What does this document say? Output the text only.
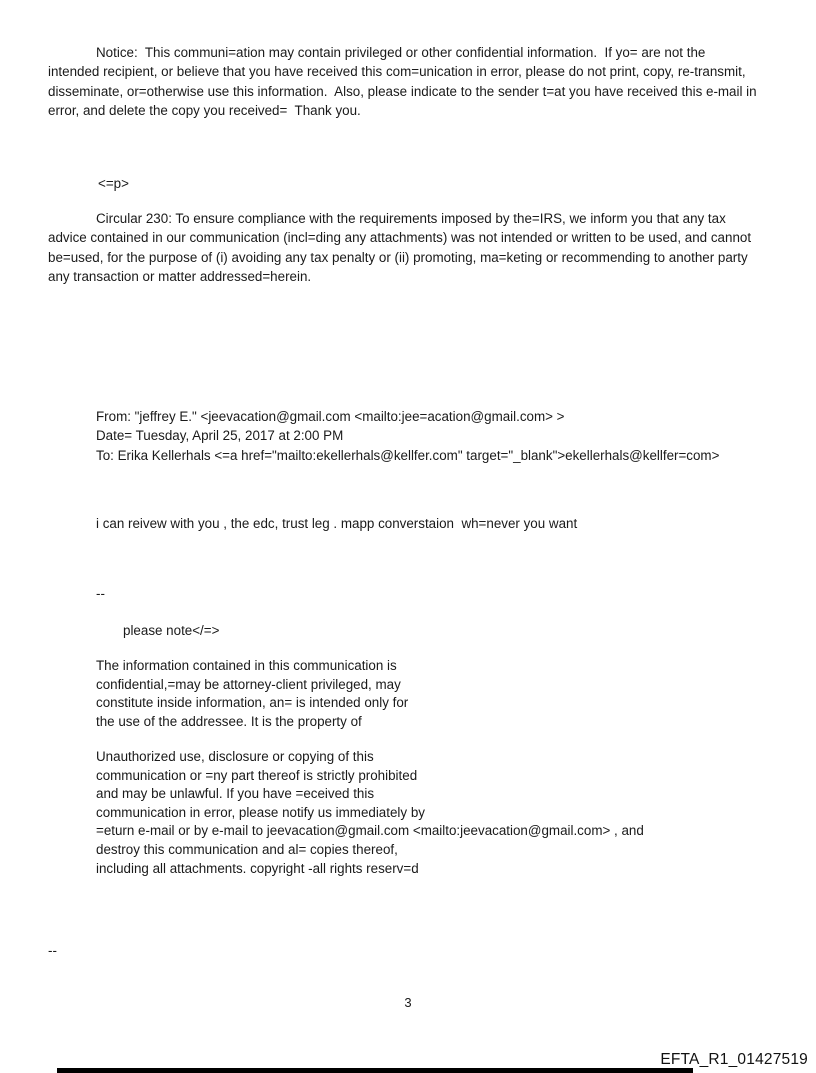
Notice:  This communi=ation may contain privileged or other confidential information.  If yo= are not the
intended recipient, or believe that you have received this com=unication in error, please do not print, copy, re-transmit,
disseminate, or=otherwise use this information.  Also, please indicate to the sender t=at you have received this e-mail in
error, and delete the copy you received=  Thank you.
<=p>
Circular 230: To ensure compliance with the requirements imposed by the=IRS, we inform you that any tax
advice contained in our communication (incl=ding any attachments) was not intended or written to be used, and cannot
be=used, for the purpose of (i) avoiding any tax penalty or (ii) promoting, ma=keting or recommending to another party
any transaction or matter addressed=herein.
From: "jeffrey E." <jeevacation@gmail.com <mailto:jee=acation@gmail.com> >
Date= Tuesday, April 25, 2017 at 2:00 PM
To: Erika Kellerhals <=a href="mailto:ekellerhals@kellfer.com" target="_blank">ekellerhals@kellfer=com>
i can reivew with you , the edc, trust leg . mapp converstaion  wh=never you want
--
please note</=>
The information contained in this communication is
confidential,=may be attorney-client privileged, may
constitute inside information, an= is intended only for
the use of the addressee. It is the property of
Unauthorized use, disclosure or copying of this
communication or =ny part thereof is strictly prohibited
and may be unlawful. If you have =eceived this
communication in error, please notify us immediately by
=eturn e-mail or by e-mail to jeevacation@gmail.com <mailto:jeevacation@gmail.com> , and
destroy this communication and al= copies thereof,
including all attachments. copyright -all rights reserv=d
--
3
EFTA_R1_01427519
